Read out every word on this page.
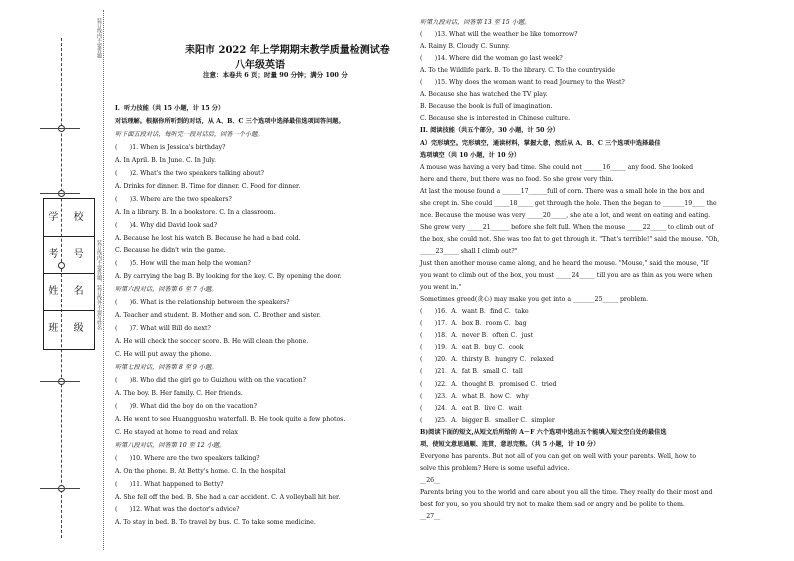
学 校
考 号
姓 名
班 级
装订线内不要答题
装订线内不要答题，装订线外不要写姓名
耒阳市 2022 年上学期期末教学质量检测试卷
八年级英语
注意：本卷共 6 页；时量 90 分钟；满分 100 分
I．听力技能（共 15 小题，计 15 分）
对话理解。根据你所听到的对话，从 A、B、C 三个选项中选择最佳选项回答问题。
听下面五段对话，每听完一段对话后，回答一个小题。
(　　)1. When is Jessica's birthday?
A. In April. B. In June. C. In July.
(　　)2. What's the two speakers talking about?
A. Drinks for dinner. B. Time for dinner. C. Food for dinner.
(　　)3. Where are the two speakers?
A. In a library. B. In a bookstore. C. In a classroom.
(　　)4. Why did David look sad?
A. Because he lost his watch B. Because he had a bad cold.
C. Because he didn't win the game.
(　　)5. How will the man help the woman?
A. By carrying the bag B. By looking for the key. C. By opening the door.
听第六段对话，回答第 6 至 7 小题。
(　　)6. What is the relationship between the speakers?
A. Teacher and student. B. Mother and son. C. Brother and sister.
(　　)7. What will Bill do next?
A. He will check the soccer score. B. He will clean the phone.
C. He will put away the phone.
听第七段对话，回答第 8 至 9 小题。
(　　)8. Who did the girl go to Guizhou with on the vacation?
A. The boy. B. Her family. C. Her friends.
(　　)9. What did the boy do on the vacation?
A. He went to see Huangguoshu waterfall. B. He took quite a few photos.
C. He stayed at home to read and relax
听第八段对话，回答第 10 至 12 小题。
(　　)10. Where are the two speakers talking?
A. On the phone. B. At Betty's home. C. In the hospital
(　　)11. What happened to Betty?
A. She fell off the bed. B. She had a car accident. C. A volleyball hit her.
(　　)12. What was the doctor's advice?
A. To stay in bed. B. To travel by bus. C. To take some medicine.
听第九段对话，回答第 13 至 15 小题。
(　　)13. What will the weather be like tomorrow?
A. Rainy B. Cloudy C. Sunny.
(　　)14. Where did the woman go last week?
A. To the Wildlife park. B. To the library. C. To the countryside
(　　)15. Why does the woman want to read Journey to the West?
A. Because she has watched the TV play.
B. Because the book is full of imagination.
C. Because she is interested in Chinese culture.
II. 阅读技能（共五个部分，30 小题，计 50 分）
A）完形填空。完形填空，通读材料，掌握大意，然后从 A、B、C 三个选项中选择最佳
选项填空（共 10 小题，计 10 分）
A mouse was having a very bad time. She could not ______16_____ any food. She looked
here and there, but there was no food. So she grew very thin.
At last the mouse found a ______17______full of corn. There was a small hole in the box and
she crept in. She could _____18_____ get through the hole. Then the began to _______19____ the
nce. Because the mouse was very _____20_____, she ate a lot, and went on eating and eating.
She grew very _____21______ before she felt full. When the mouse _____22_____ to climb out of
the box, she could not. She was too fat to get through it. "That's terrible!" said the mouse. "Oh,
_____23_____ shall I climb out?"
Just then another mouse came along, and he heard the mouse. "Mouse," said the mouse, "If
you want to climb out of the box, you must _____24_____ till you are as thin as you were when
you went in."
Sometimes greed(贪心) may make you get into a _______25_____ problem.
(　　)16．A．want B．find C．take
(　　)17．A．box B．room C．bag
(　　)18．A．never B．often C．just
(　　)19．A．eat B．buy C．cook
(　　)20．A．thirsty B．hungry C．relaxed
(　　)21．A．fat B．small C．tall
(　　)22．A．thought B．promised C．tried
(　　)23．A．what B．how C．why
(　　)24．A．eat B．live C．wait
(　　)25．A．bigger B．smaller C．simpler
B)阅读下面的短文,从短文后所给的 A－F 六个选项中选出五个能填入短文空白处的最佳选
项，使短文意思通顺、连贯，意思完整。（共 5 小题，计 10 分）
Everyone has parents. But not all of you can get on well with your parents. Well, how to
solve this problem? Here is some useful advice.
__26__
Parents bring you to the world and care about you all the time. They really do their most and
best for you, so you should try not to make them sad or angry and be polite to them.
__27__
